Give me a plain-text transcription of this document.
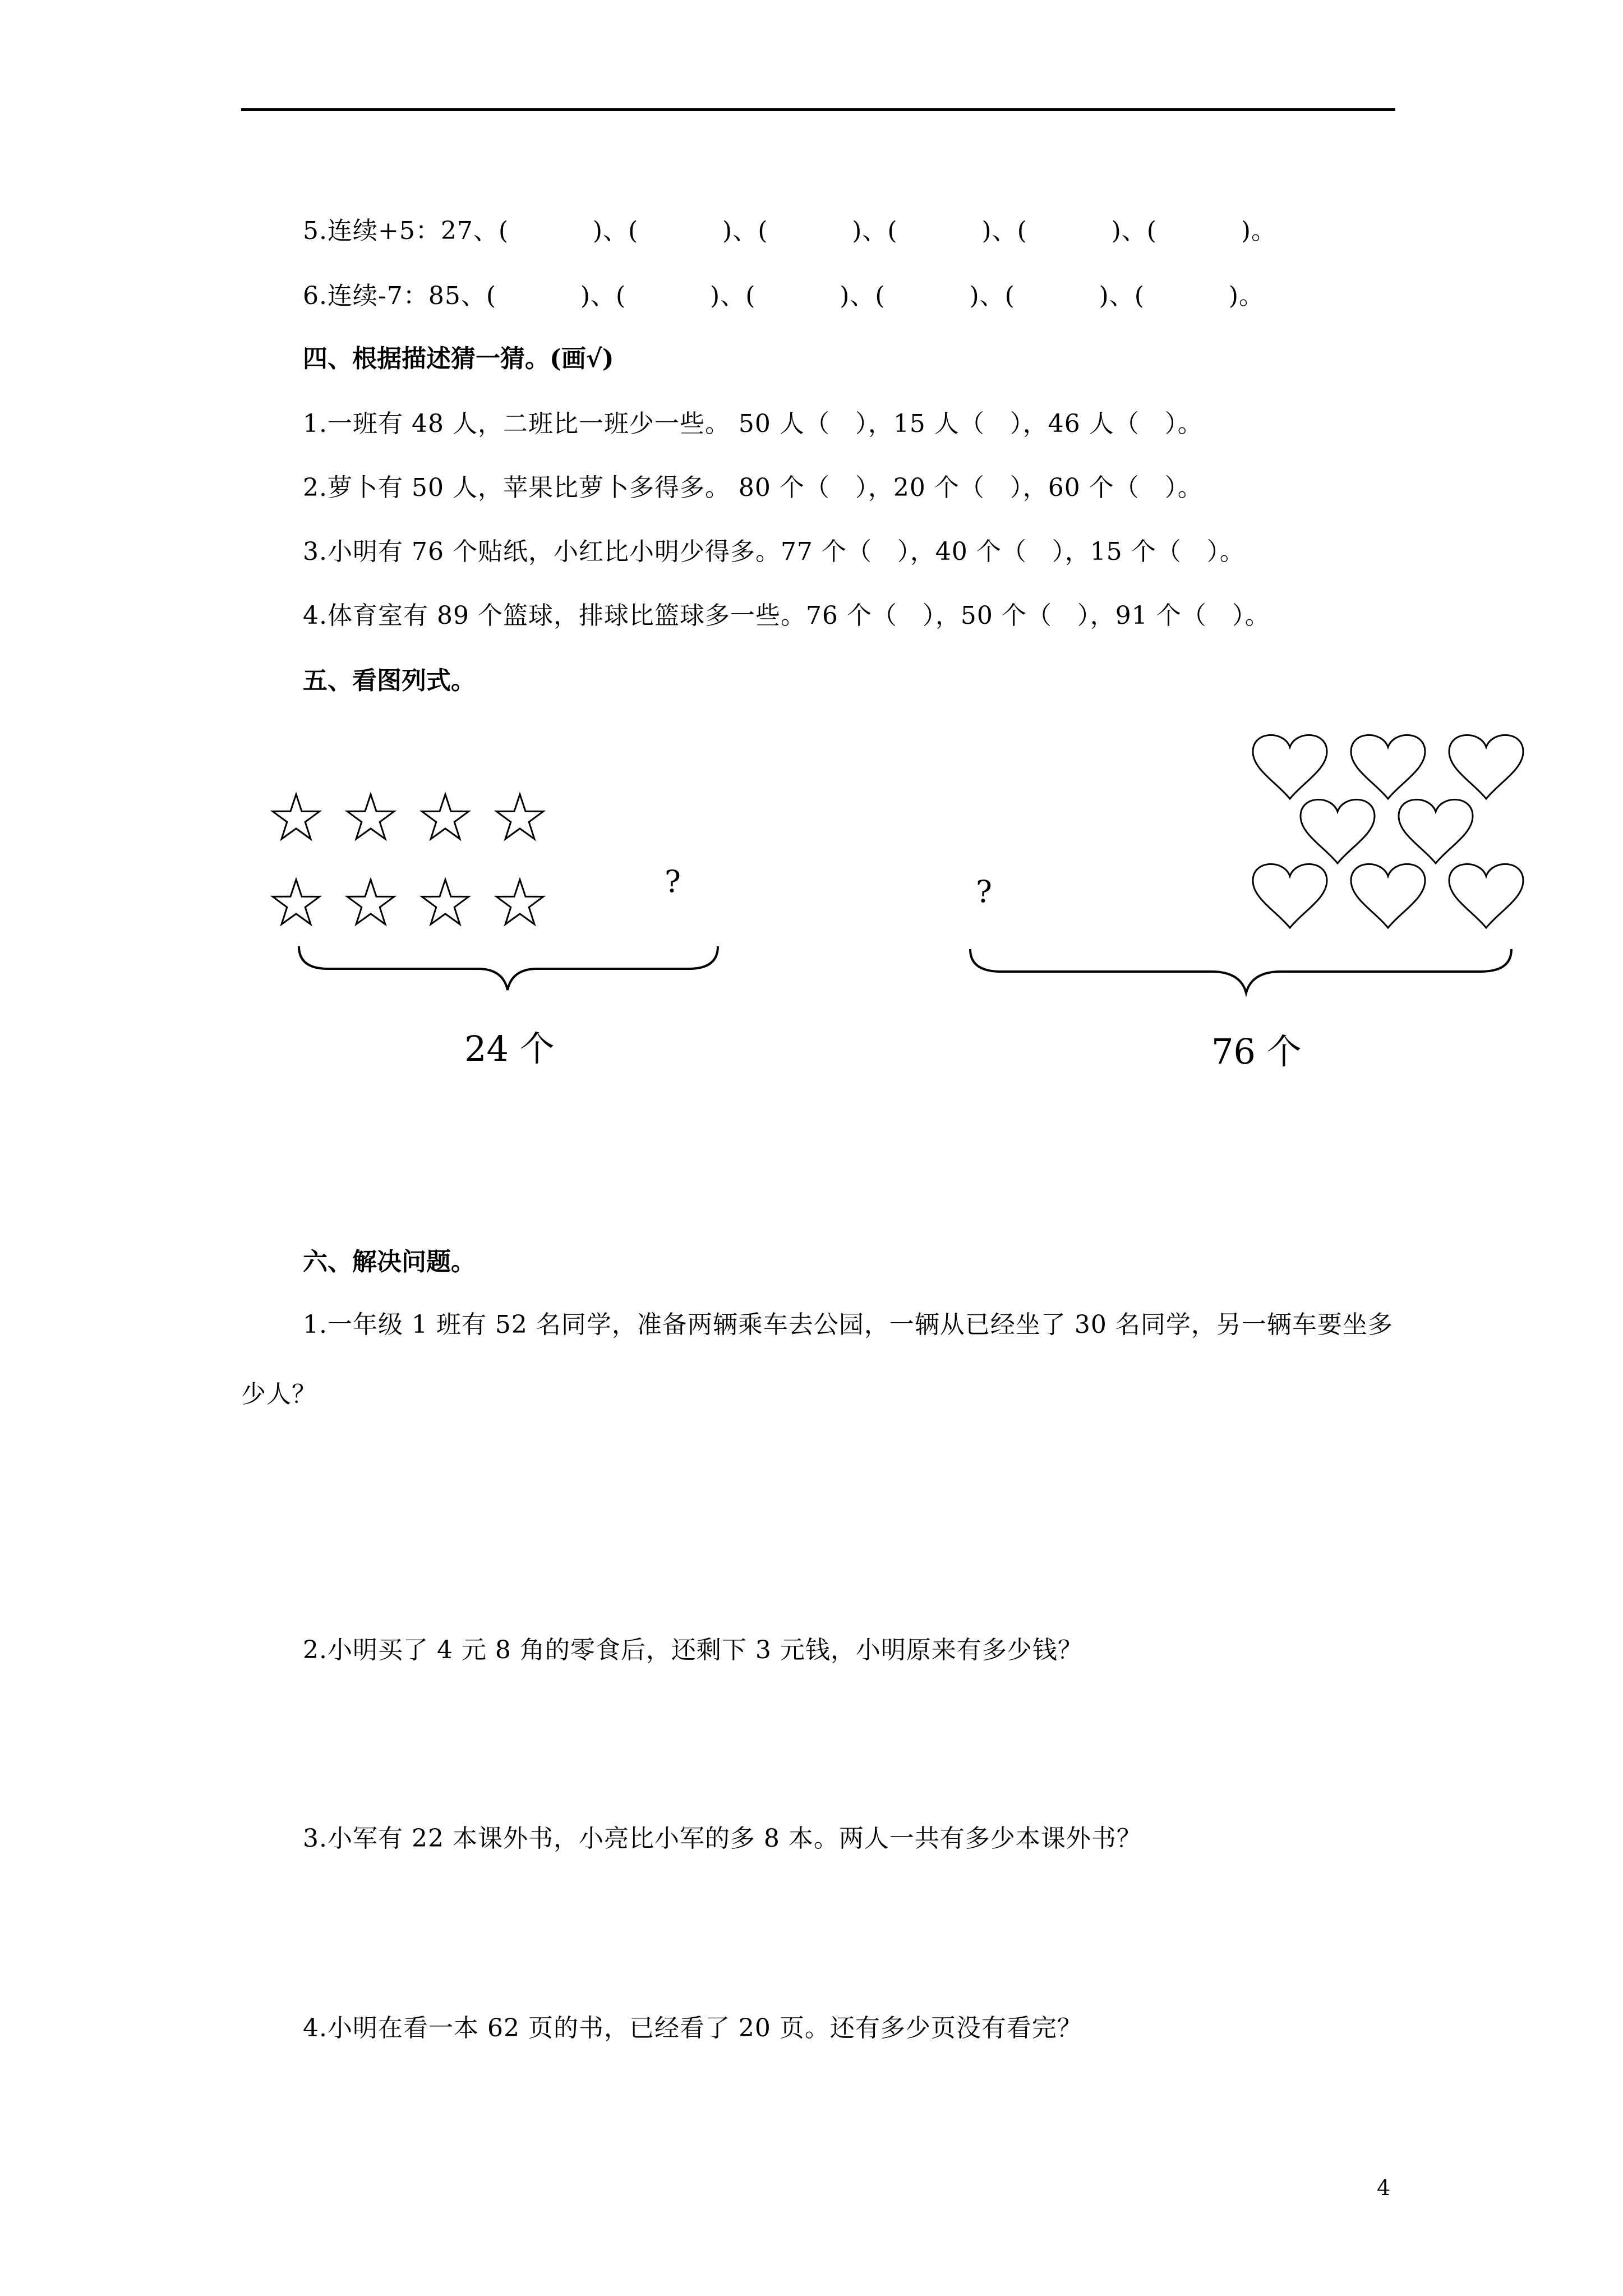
5.连续+5：27、(          )、(          )、(          )、(          )、(          )、(          )。
6.连续-7：85、(          )、(          )、(          )、(          )、(          )、(          )。
四、根据描述猜一猜。(画√)
1.一班有 48 人，二班比一班少一些。 50 人（   ），15 人（   ），46 人（   ）。
2.萝卜有 50 人，苹果比萝卜多得多。 80 个（   ），20 个（   ），60 个（   ）。
3.小明有 76 个贴纸，小红比小明少得多。77 个（   ），40 个（   ），15 个（   ）。
4.体育室有 89 个篮球，排球比篮球多一些。76 个（   ），50 个（   ），91 个（   ）。
五、看图列式。
?
24 个
?
76 个
六、解决问题。
1.一年级 1 班有 52 名同学，准备两辆乘车去公园，一辆从已经坐了 30 名同学，另一辆车要坐多少人？
2.小明买了 4 元 8 角的零食后，还剩下 3 元钱，小明原来有多少钱？
3.小军有 22 本课外书，小亮比小军的多 8 本。两人一共有多少本课外书？
4.小明在看一本 62 页的书，已经看了 20 页。还有多少页没有看完？
4
